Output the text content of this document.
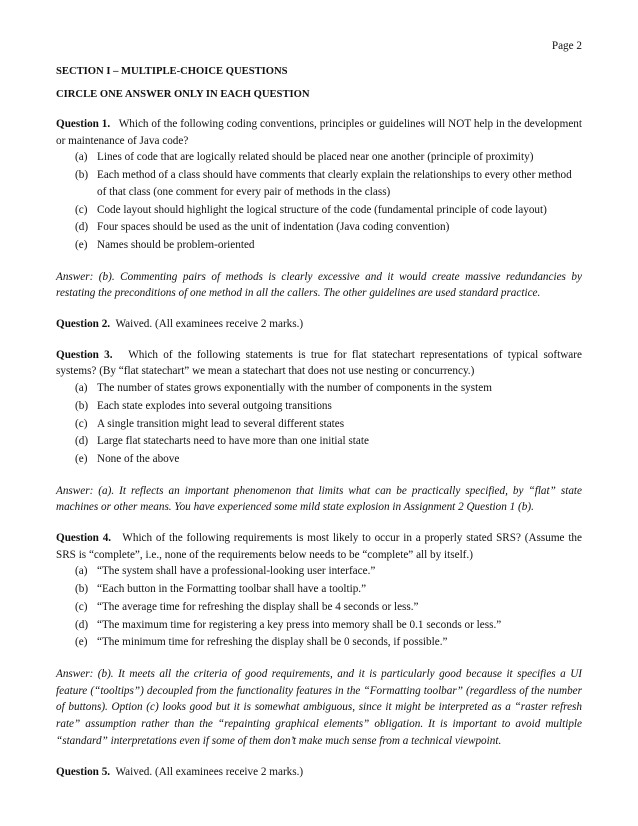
Page 2

SECTION I – MULTIPLE-CHOICE QUESTIONS

CIRCLE ONE ANSWER ONLY IN EACH QUESTION

Question 1. Which of the following coding conventions, principles or guidelines will NOT help in the development or maintenance of Java code?

(a) Lines of code that are logically related should be placed near one another (principle of proximity)
(b) Each method of a class should have comments that clearly explain the relationships to every other method of that class (one comment for every pair of methods in the class)
(c) Code layout should highlight the logical structure of the code (fundamental principle of code layout)
(d) Four spaces should be used as the unit of indentation (Java coding convention)
(e) Names should be problem-oriented

Answer: (b). Commenting pairs of methods is clearly excessive and it would create massive redundancies by restating the preconditions of one method in all the callers. The other guidelines are used standard practice.

Question 2. Waived. (All examinees receive 2 marks.)

Question 3. Which of the following statements is true for flat statechart representations of typical software systems? (By “flat statechart” we mean a statechart that does not use nesting or concurrency.)

(a) The number of states grows exponentially with the number of components in the system
(b) Each state explodes into several outgoing transitions
(c) A single transition might lead to several different states
(d) Large flat statecharts need to have more than one initial state
(e) None of the above

Answer: (a). It reflects an important phenomenon that limits what can be practically specified, by “flat” state machines or other means. You have experienced some mild state explosion in Assignment 2 Question 1 (b).

Question 4. Which of the following requirements is most likely to occur in a properly stated SRS? (Assume the SRS is “complete”, i.e., none of the requirements below needs to be “complete” all by itself.)

(a) “The system shall have a professional-looking user interface.”
(b) “Each button in the Formatting toolbar shall have a tooltip.”
(c) “The average time for refreshing the display shall be 4 seconds or less.”
(d) “The maximum time for registering a key press into memory shall be 0.1 seconds or less.”
(e) “The minimum time for refreshing the display shall be 0 seconds, if possible.”

Answer: (b). It meets all the criteria of good requirements, and it is particularly good because it specifies a UI feature (“tooltips”) decoupled from the functionality features in the “Formatting toolbar” (regardless of the number of buttons). Option (c) looks good but it is somewhat ambiguous, since it might be interpreted as a “raster refresh rate” assumption rather than the “repainting graphical elements” obligation. It is important to avoid multiple “standard” interpretations even if some of them don’t make much sense from a technical viewpoint.

Question 5. Waived. (All examinees receive 2 marks.)
